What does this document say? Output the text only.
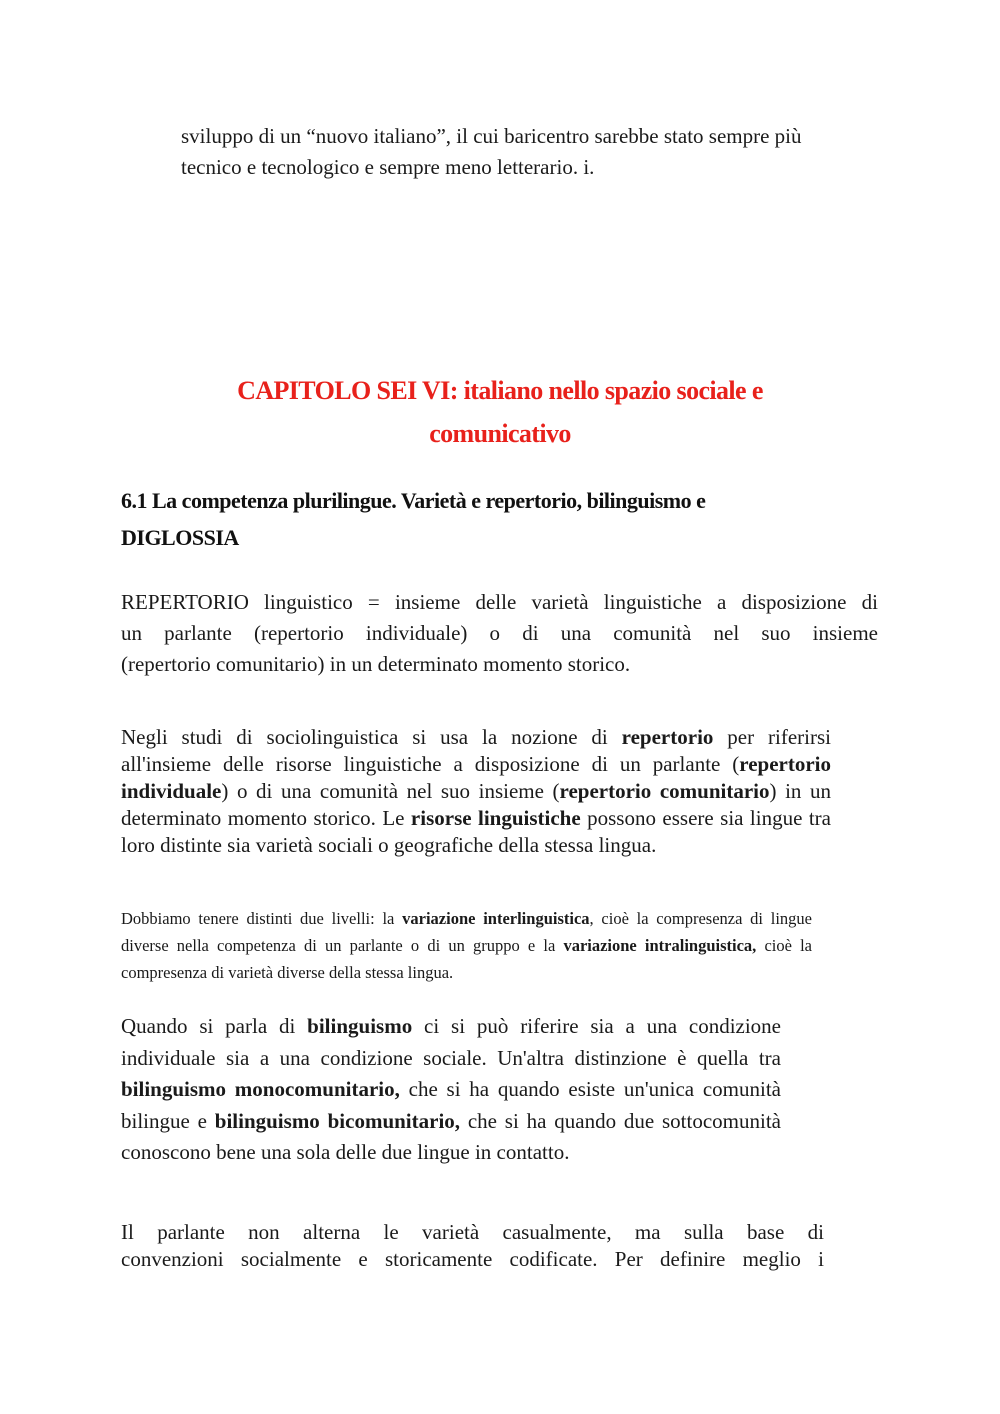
sviluppo di un “nuovo italiano”, il cui baricentro sarebbe stato sempre più
tecnico e tecnologico e sempre meno letterario. i.
CAPITOLO SEI VI: italiano nello spazio sociale e
comunicativo
6.1 La competenza plurilingue. Varietà e repertorio, bilinguismo e
DIGLOSSIA
REPERTORIO linguistico = insieme delle varietà linguistiche a disposizione di
un parlante (repertorio individuale) o di una comunità nel suo insieme
(repertorio comunitario) in un determinato momento storico.

Negli studi di sociolinguistica si usa la nozione di repertorio per riferirsi all'insieme delle risorse linguistiche a disposizione di un parlante (repertorio individuale) o di una comunità nel suo insieme (repertorio comunitario) in un determinato momento storico. Le risorse linguistiche possono essere sia lingue tra loro distinte sia varietà sociali o geografiche della stessa lingua.

Dobbiamo tenere distinti due livelli: la variazione interlinguistica, cioè la compresenza di lingue diverse nella competenza di un parlante o di un gruppo e la variazione intralinguistica, cioè la compresenza di varietà diverse della stessa lingua.

Quando si parla di bilinguismo ci si può riferire sia a una condizione individuale sia a una condizione sociale. Un'altra distinzione è quella tra bilinguismo monocomunitario, che si ha quando esiste un'unica comunità bilingue e bilinguismo bicomunitario, che si ha quando due sottocomunità conoscono bene una sola delle due lingue in contatto.

Il parlante non alterna le varietà casualmente, ma sulla base di
convenzioni socialmente e storicamente codificate. Per definire meglio i
